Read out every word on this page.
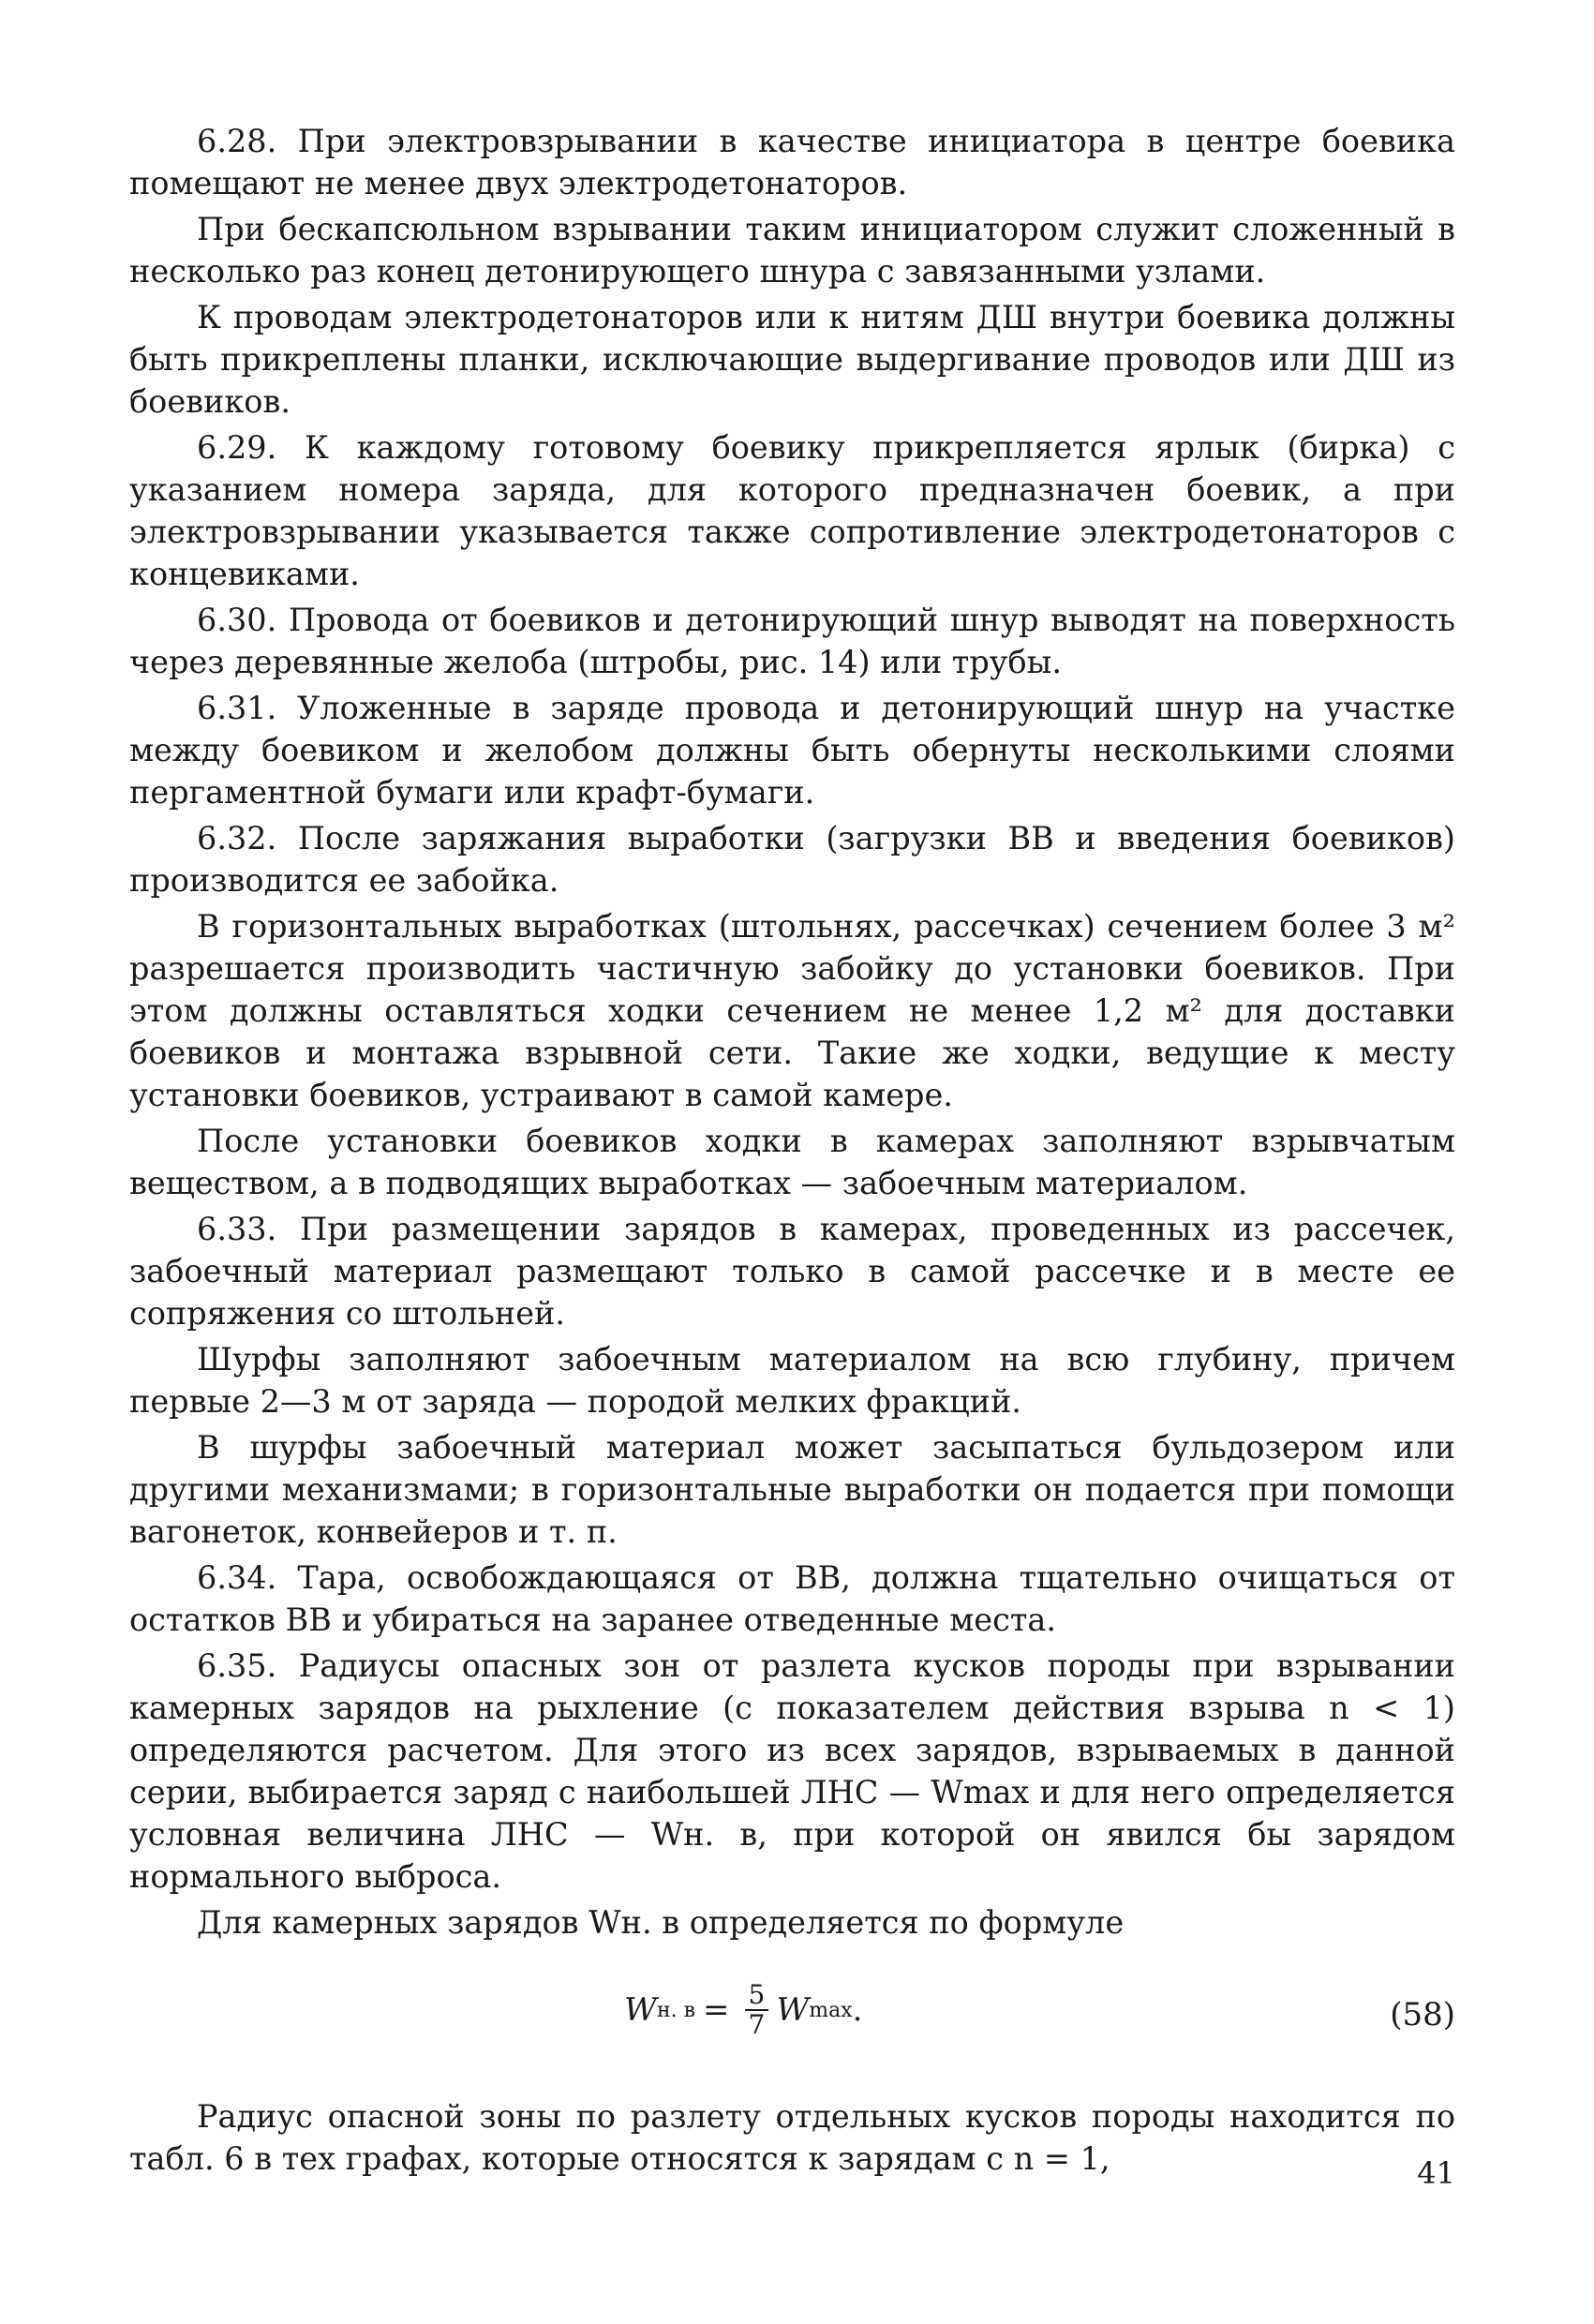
6.28. При электровзрывании в качестве инициатора в центре боевика помещают не менее двух электродетонаторов.

При бескапсюльном взрывании таким инициатором служит сложенный в несколько раз конец детонирующего шнура с завязанными узлами.

К проводам электродетонаторов или к нитям ДШ внутри боевика должны быть прикреплены планки, исключающие выдергивание проводов или ДШ из боевиков.

6.29. К каждому готовому боевику прикрепляется ярлык (бирка) с указанием номера заряда, для которого предназначен боевик, а при электровзрывании указывается также сопротивление электродетонаторов с концевиками.

6.30. Провода от боевиков и детонирующий шнур выводят на поверхность через деревянные желоба (штробы, рис. 14) или трубы.

6.31. Уложенные в заряде провода и детонирующий шнур на участке между боевиком и желобом должны быть обернуты несколькими слоями пергаментной бумаги или крафт-бумаги.

6.32. После заряжания выработки (загрузки ВВ и введения боевиков) производится ее забойка.

В горизонтальных выработках (штольнях, рассечках) сечением более 3 м² разрешается производить частичную забойку до установки боевиков. При этом должны оставляться ходки сечением не менее 1,2 м² для доставки боевиков и монтажа взрывной сети. Такие же ходки, ведущие к месту установки боевиков, устраивают в самой камере.

После установки боевиков ходки в камерах заполняют взрывчатым веществом, а в подводящих выработках — забоечным материалом.

6.33. При размещении зарядов в камерах, проведенных из рассечек, забоечный материал размещают только в самой рассечке и в месте ее сопряжения со штольней.

Шурфы заполняют забоечным материалом на всю глубину, причем первые 2—3 м от заряда — породой мелких фракций.

В шурфы забоечный материал может засыпаться бульдозером или другими механизмами; в горизонтальные выработки он подается при помощи вагонеток, конвейеров и т. п.

6.34. Тара, освобождающаяся от ВВ, должна тщательно очищаться от остатков ВВ и убираться на заранее отведенные места.

6.35. Радиусы опасных зон от разлета кусков породы при взрывании камерных зарядов на рыхление (с показателем действия взрыва n < 1) определяются расчетом. Для этого из всех зарядов, взрываемых в данной серии, выбирается заряд с наибольшей ЛНС — Wmax и для него определяется условная величина ЛНС — Wн. в, при которой он явился бы зарядом нормального выброса.

Для камерных зарядов Wн. в определяется по формуле

W н. $в = \frac{5}{7}$ W max .	(58)

Радиус опасной зоны по разлету отдельных кусков породы находится по табл. 6 в тех графах, которые относятся к зарядам с n = 1,	41
